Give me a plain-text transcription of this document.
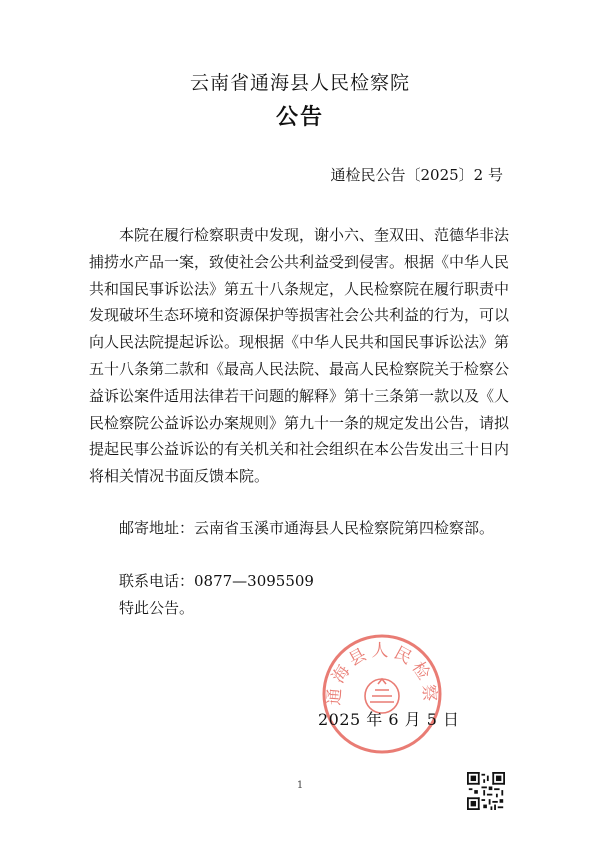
云南省通海县人民检察院
公告
通检民公告〔2025〕2 号

本院在履行检察职责中发现，谢小六、奎双田、范德华非法捕捞水产品一案，致使社会公共利益受到侵害。根据《中华人民共和国民事诉讼法》第五十八条规定，人民检察院在履行职责中发现破坏生态环境和资源保护等损害社会公共利益的行为，可以向人民法院提起诉讼。现根据《中华人民共和国民事诉讼法》第五十八条第二款和《最高人民法院、最高人民检察院关于检察公益诉讼案件适用法律若干问题的解释》第十三条第一款以及《人民检察院公益诉讼办案规则》第九十一条的规定发出公告，请拟提起民事公益诉讼的有关机关和社会组织在本公告发出三十日内将相关情况书面反馈本院。

邮寄地址：云南省玉溪市通海县人民检察院第四检察部。

联系电话：0877—3095509

特此公告。

通海县人民检察
2025 年 6 月 5 日
1
